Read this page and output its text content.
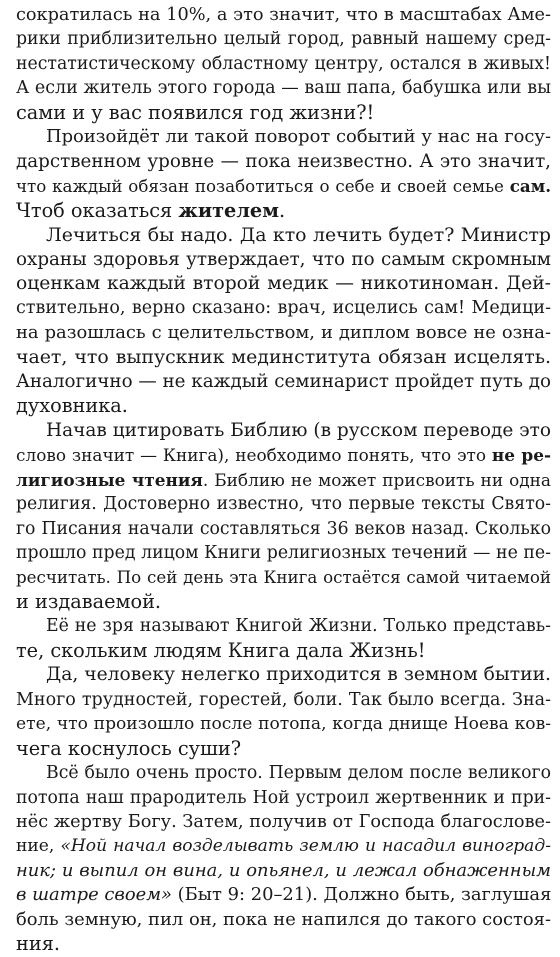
сократилась на 10%, а это значит, что в масштабах Аме-
рики приблизительно целый город, равный нашему сред-
нестатистическому областному центру, остался в живых!
А если житель этого города — ваш папа, бабушка или вы
сами и у вас появился год жизни?!
Произойдёт ли такой поворот событий у нас на госу-
дарственном уровне — пока неизвестно. А это значит,
что каждый обязан позаботиться о себе и своей семье сам.
Чтоб оказаться жителем.
Лечиться бы надо. Да кто лечить будет? Министр
охраны здоровья утверждает, что по самым скромным
оценкам каждый второй медик — никотиноман. Дей-
ствительно, верно сказано: врач, исцелись сам! Медици-
на разошлась с целительством, и диплом вовсе не озна-
чает, что выпускник мединститута обязан исцелять.
Аналогично — не каждый семинарист пройдет путь до
духовника.
Начав цитировать Библию (в русском переводе это
слово значит — Книга), необходимо понять, что это не ре-
лигиозные чтения. Библию не может присвоить ни одна
религия. Достоверно известно, что первые тексты Свято-
го Писания начали составляться 36 веков назад. Сколько
прошло пред лицом Книги религиозных течений — не пе-
ресчитать. По сей день эта Книга остаётся самой читаемой
и издаваемой.
Её не зря называют Книгой Жизни. Только представь-
те, скольким людям Книга дала Жизнь!
Да, человеку нелегко приходится в земном бытии.
Много трудностей, горестей, боли. Так было всегда. Зна-
ете, что произошло после потопа, когда днище Ноева ков-
чега коснулось суши?
Всё было очень просто. Первым делом после великого
потопа наш прародитель Ной устроил жертвенник и при-
нёс жертву Богу. Затем, получив от Господа благослове-
ние, «Ной начал возделывать землю и насадил виноград-
ник; и выпил он вина, и опьянел, и лежал обнаженным
в шатре своем» (Быт 9: 20–21). Должно быть, заглушая
боль земную, пил он, пока не напился до такого состоя-
ния.
